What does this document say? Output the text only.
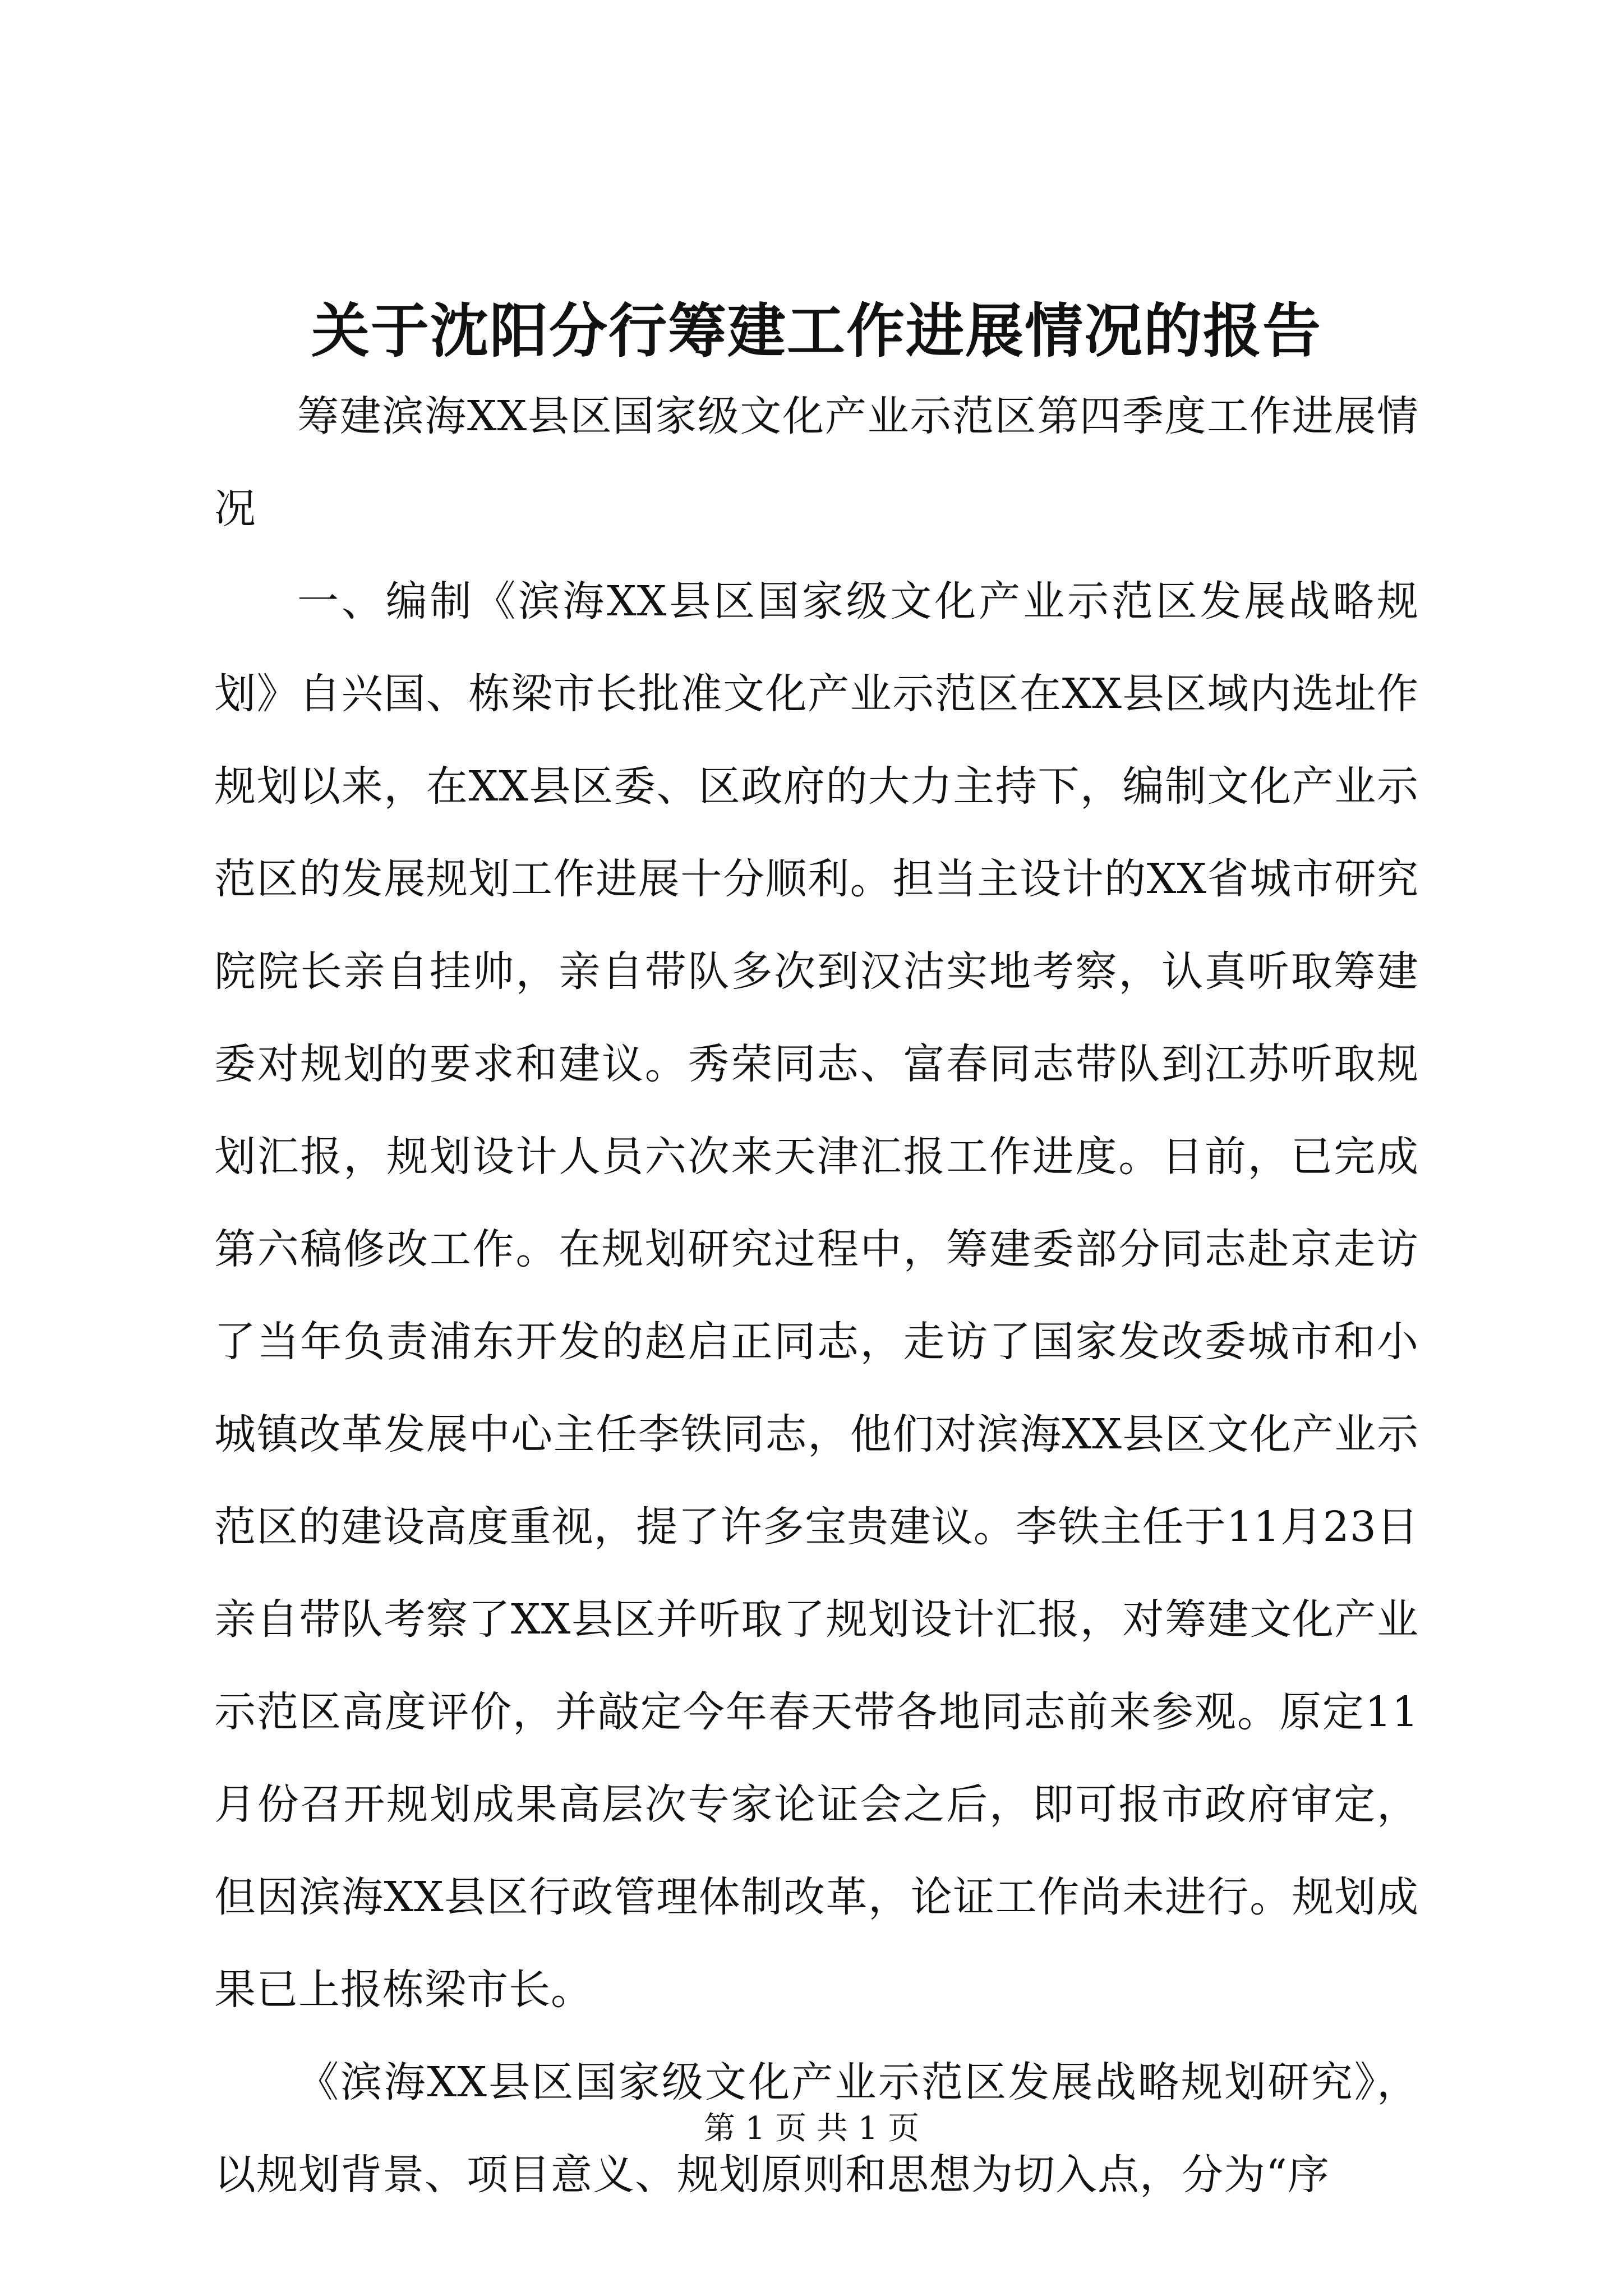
关于沈阳分行筹建工作进展情况的报告

筹建滨海XX县区国家级文化产业示范区第四季度工作进展情况

一、编制《滨海XX县区国家级文化产业示范区发展战略规划》自兴国、栋梁市长批准文化产业示范区在XX县区域内选址作规划以来，在XX县区委、区政府的大力主持下，编制文化产业示范区的发展规划工作进展十分顺利。担当主设计的XX省城市研究院院长亲自挂帅，亲自带队多次到汉沽实地考察，认真听取筹建委对规划的要求和建议。秀荣同志、富春同志带队到江苏听取规划汇报，规划设计人员六次来天津汇报工作进度。日前，已完成第六稿修改工作。在规划研究过程中，筹建委部分同志赴京走访了当年负责浦东开发的赵启正同志，走访了国家发改委城市和小城镇改革发展中心主任李铁同志，他们对滨海XX县区文化产业示范区的建设高度重视，提了许多宝贵建议。李铁主任于11月23日亲自带队考察了XX县区并听取了规划设计汇报，对筹建文化产业示范区高度评价，并敲定今年春天带各地同志前来参观。原定11月份召开规划成果高层次专家论证会之后，即可报市政府审定，但因滨海XX县区行政管理体制改革，论证工作尚未进行。规划成果已上报栋梁市长。

《滨海XX县区国家级文化产业示范区发展战略规划研究》，以规划背景、项目意义、规划原则和思想为切入点，分为“序

第 1 页 共 1 页
